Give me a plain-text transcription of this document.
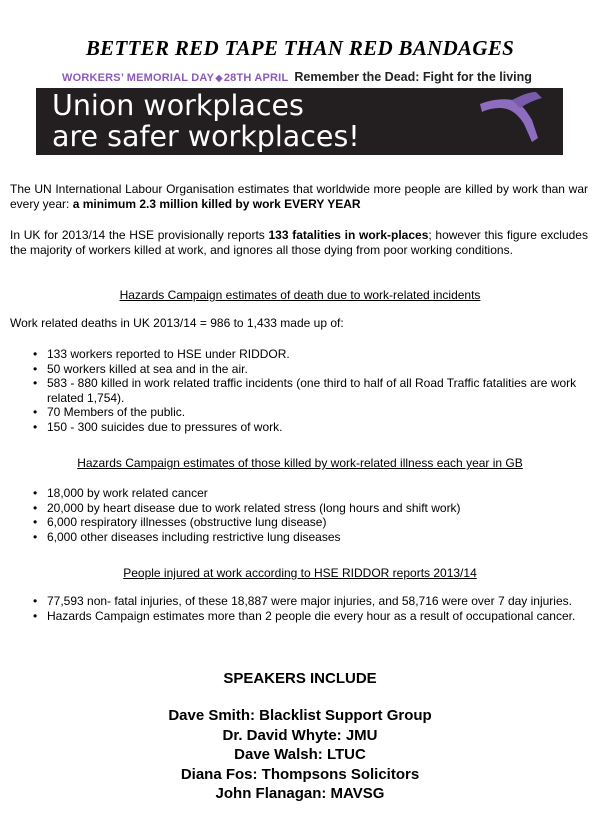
BETTER RED TAPE THAN RED BANDAGES
WORKERS’ MEMORIAL DAY◆28TH APRIL Remember the Dead: Fight for the living
Union workplaces
are safer workplaces!
The UN International Labour Organisation estimates that worldwide more people are killed by work than war every year: a minimum 2.3 million killed by work EVERY YEAR
In UK for 2013/14 the HSE provisionally reports 133 fatalities in work-places; however this figure excludes the majority of workers killed at work, and ignores all those dying from poor working conditions.
Hazards Campaign estimates of death due to work-related incidents
Work related deaths in UK 2013/14 = 986 to 1,433 made up of:
• 133 workers reported to HSE under RIDDOR.
• 50 workers killed at sea and in the air.
• 583 - 880 killed in work related traffic incidents (one third to half of all Road Traffic fatalities are work related 1,754).
• 70 Members of the public.
• 150 - 300 suicides due to pressures of work.
Hazards Campaign estimates of those killed by work-related illness each year in GB
• 18,000 by work related cancer
• 20,000 by heart disease due to work related stress (long hours and shift work)
• 6,000 respiratory illnesses (obstructive lung disease)
• 6,000 other diseases including restrictive lung diseases
People injured at work according to HSE RIDDOR reports 2013/14
• 77,593 non- fatal injuries, of these 18,887 were major injuries, and 58,716 were over 7 day injuries.
• Hazards Campaign estimates more than 2 people die every hour as a result of occupational cancer.
SPEAKERS INCLUDE
Dave Smith: Blacklist Support Group
Dr. David Whyte: JMU
Dave Walsh: LTUC
Diana Fos: Thompsons Solicitors
John Flanagan: MAVSG
